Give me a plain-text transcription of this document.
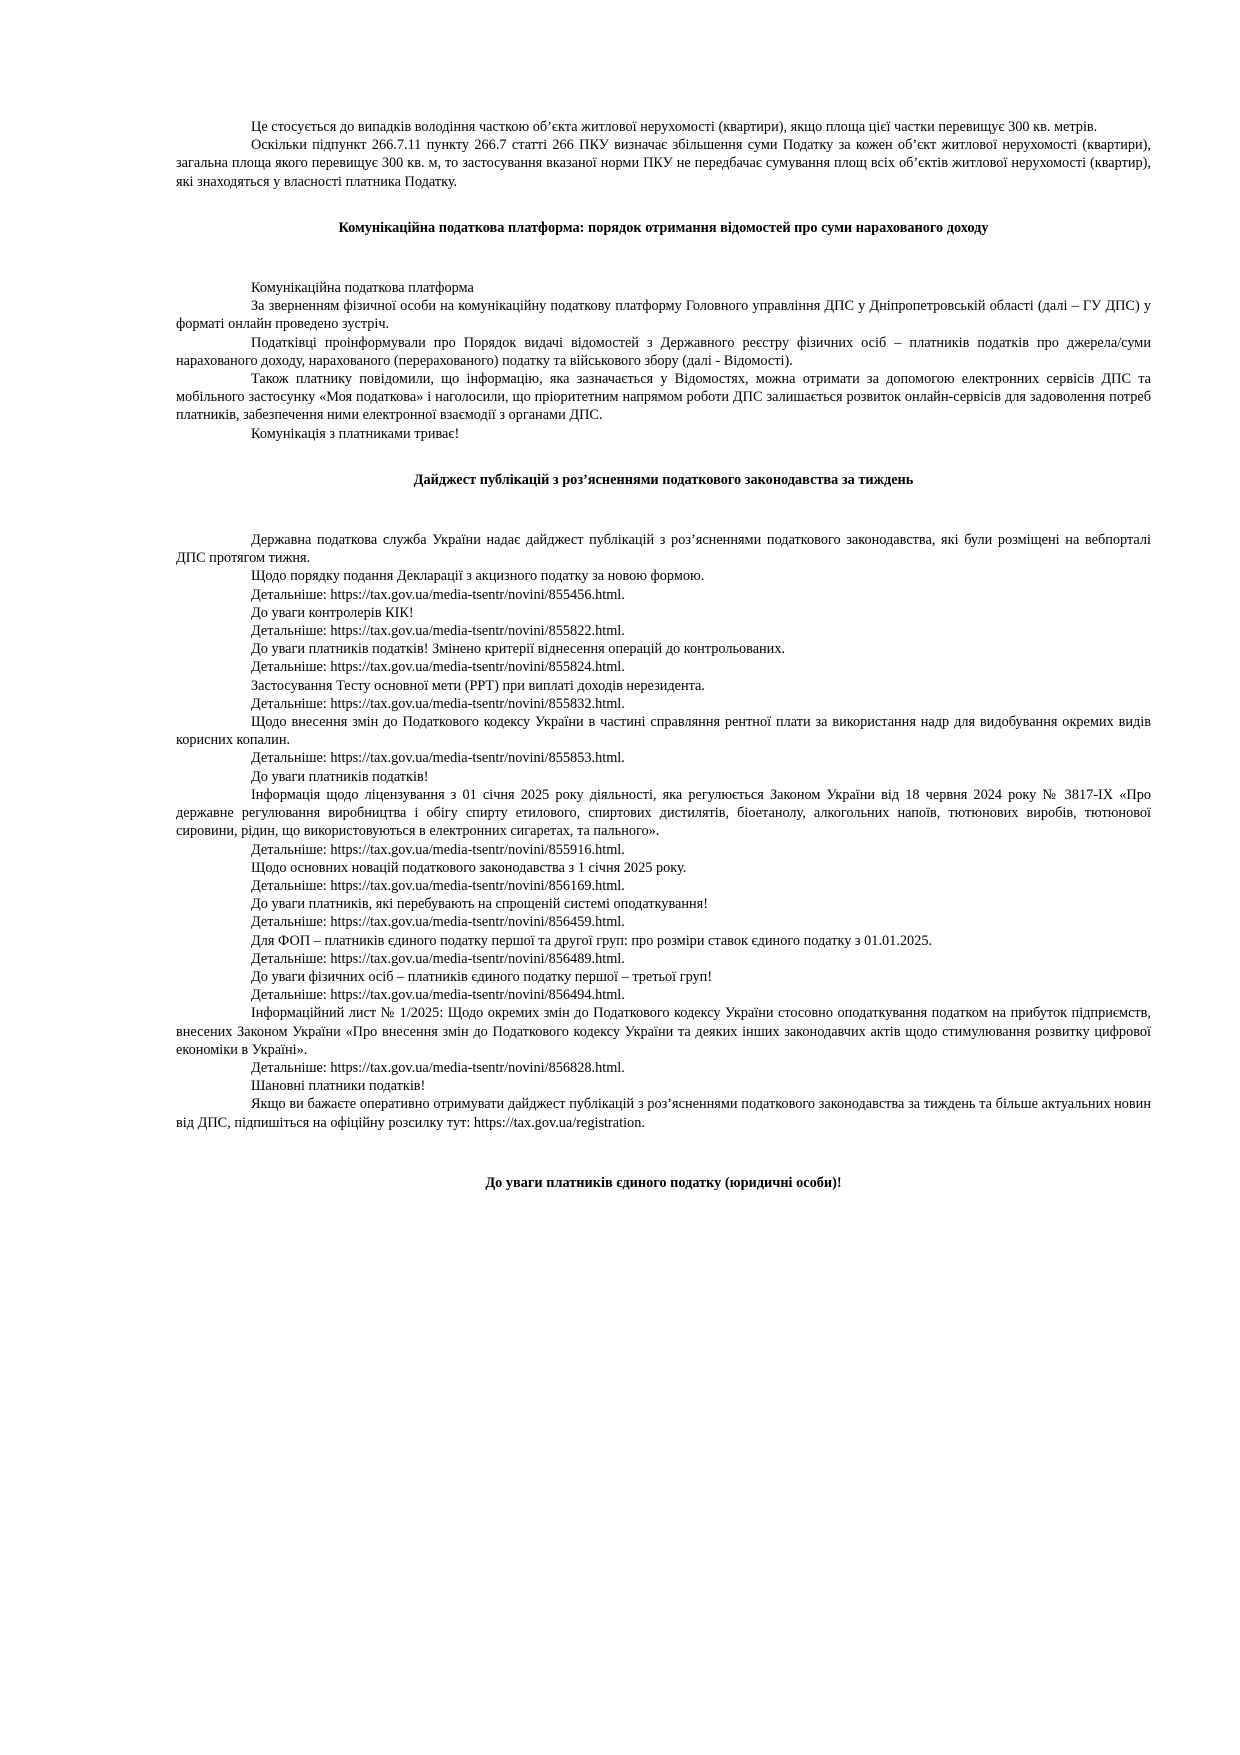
Це стосується до випадків володіння часткою об’єкта житлової нерухомості (квартири), якщо площа цієї частки перевищує 300 кв. метрів.

Оскільки підпункт 266.7.11 пункту 266.7 статті 266 ПКУ визначає збільшення суми Податку за кожен об’єкт житлової нерухомості (квартири), загальна площа якого перевищує 300 кв. м, то застосування вказаної норми ПКУ не передбачає сумування площ всіх об’єктів житлової нерухомості (квартир), які знаходяться у власності платника Податку.

Комунікаційна податкова платформа: порядок отримання відомостей про суми нарахованого доходу

Комунікаційна податкова платформа

За зверненням фізичної особи на комунікаційну податкову платформу Головного управління ДПС у Дніпропетровській області (далі – ГУ ДПС) у форматі онлайн проведено зустріч.

Податківці проінформували про Порядок видачі відомостей з Державного реєстру фізичних осіб – платників податків про джерела/суми нарахованого доходу, нарахованого (перерахованого) податку та військового збору (далі - Відомості).

Також платнику повідомили, що інформацію, яка зазначається у Відомостях, можна отримати за допомогою електронних сервісів ДПС та мобільного застосунку «Моя податкова» і наголосили, що пріоритетним напрямом роботи ДПС залишається розвиток онлайн-сервісів для задоволення потреб платників, забезпечення ними електронної взаємодії з органами ДПС.

Комунікація з платниками триває!

Дайджест публікацій з роз’ясненнями податкового законодавства за тиждень

Державна податкова служба України надає дайджест публікацій з роз’ясненнями податкового законодавства, які були розміщені на вебпорталі ДПС протягом тижня.

Щодо порядку подання Декларації з акцизного податку за новою формою.

Детальніше: https://tax.gov.ua/media-tsentr/novini/855456.html.

До уваги контролерів КІК!

Детальніше: https://tax.gov.ua/media-tsentr/novini/855822.html.

До уваги платників податків! Змінено критерії віднесення операцій до контрольованих.

Детальніше: https://tax.gov.ua/media-tsentr/novini/855824.html.

Застосування Тесту основної мети (PPT) при виплаті доходів нерезидента.

Детальніше: https://tax.gov.ua/media-tsentr/novini/855832.html.

Щодо внесення змін до Податкового кодексу України в частині справляння рентної плати за використання надр для видобування окремих видів корисних копалин.

Детальніше: https://tax.gov.ua/media-tsentr/novini/855853.html.

До уваги платників податків!

Інформація щодо ліцензування з 01 січня 2025 року діяльності, яка регулюється Законом України від 18 червня 2024 року № 3817-IX «Про державне регулювання виробництва і обігу спирту етилового, спиртових дистилятів, біоетанолу, алкогольних напоїв, тютюнових виробів, тютюнової сировини, рідин, що використовуються в електронних сигаретах, та пального».

Детальніше: https://tax.gov.ua/media-tsentr/novini/855916.html.

Щодо основних новацій податкового законодавства з 1 січня 2025 року.

Детальніше: https://tax.gov.ua/media-tsentr/novini/856169.html.

До уваги платників, які перебувають на спрощеній системі оподаткування!

Детальніше: https://tax.gov.ua/media-tsentr/novini/856459.html.

Для ФОП – платників єдиного податку першої та другої груп: про розміри ставок єдиного податку з 01.01.2025.

Детальніше: https://tax.gov.ua/media-tsentr/novini/856489.html.

До уваги фізичних осіб – платників єдиного податку першої – третьої груп!

Детальніше: https://tax.gov.ua/media-tsentr/novini/856494.html.

Інформаційний лист № 1/2025: Щодо окремих змін до Податкового кодексу України стосовно оподаткування податком на прибуток підприємств, внесених Законом України «Про внесення змін до Податкового кодексу України та деяких інших законодавчих актів щодо стимулювання розвитку цифрової економіки в Україні».

Детальніше: https://tax.gov.ua/media-tsentr/novini/856828.html.

Шановні платники податків!

Якщо ви бажаєте оперативно отримувати дайджест публікацій з роз’ясненнями податкового законодавства за тиждень та більше актуальних новин від ДПС, підпишіться на офіційну розсилку тут: https://tax.gov.ua/registration.

До уваги платників єдиного податку (юридичні особи)!
